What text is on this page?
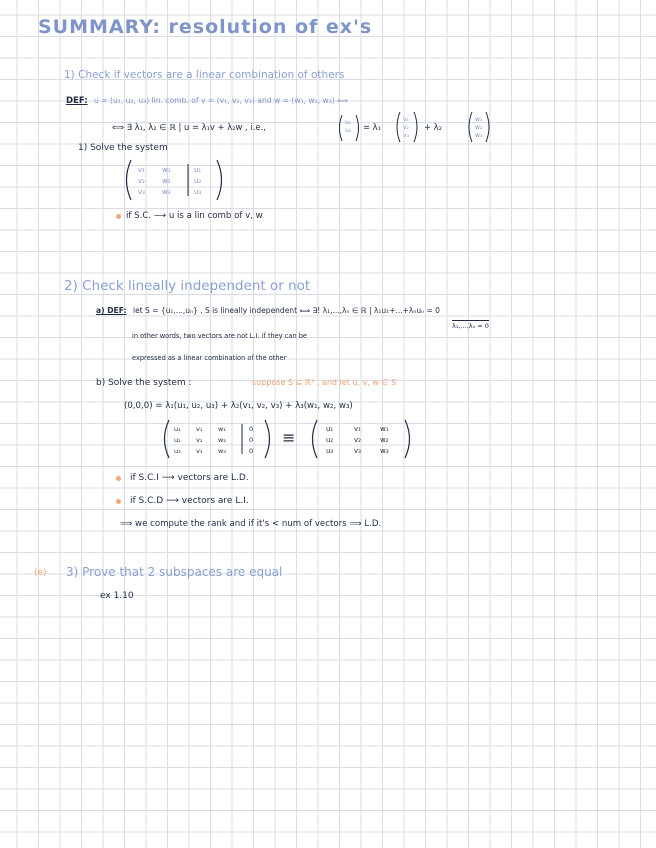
SUMMARY: resolution of ex's
1) Check if vectors are a linear combination of others
DEF: u = (u₁, u₂, u₃) lin. comb. of v = (v₁, v₂, v₃) and w = (w₁, w₂, w₃) ⟺
⟺ ∃ λ₁, λ₂ ∈ ℝ | u = λ₁v + λ₂w , i.e.,	u₁
u₂ = λ₁
v₁
v₂
v₃
+ λ₂
w₁
w₂
w₃
1) Solve the system
v₁ w₁	u₁
v₂ w₂	u₂
v₃ w₃	u₃
if S.C. ⟶ u is a lin comb of v, w
2) Check lineally independent or not
a) DEF: let S = {u₁,...,uₙ} , S is lineally independent ⟺ ∃! λ₁,...,λₙ ∈ ℝ | λ₁u₁+...+λₙuₙ = 0
λ₁,...,λₙ = 0
in other words, two vectors are not L.I. if they can be
expressed as a linear combination of the other
b) Solve the system :	suppose S ⊆ ℝ³ , and let u, v, w ∈ S
(0,0,0) = λ₁(u₁, u₂, u₃) + λ₂(v₁, v₂, v₃) + λ₃(w₁, w₂, w₃)
u₁ v₁ w₁	0
u₂ v₂ w₂	0
u₃ v₃ w₃	0
≡	u₁	v₁	w₁
u₂	v₂	w₂
u₃	v₃	w₃
if S.C.I ⟶ vectors are L.D.
if S.C.D ⟶ vectors are L.I.
⟹ we compute the rank and if it's < num of vectors ⟹ L.D.
(e) 3) Prove that 2 subspaces are equal
ex 1.10
